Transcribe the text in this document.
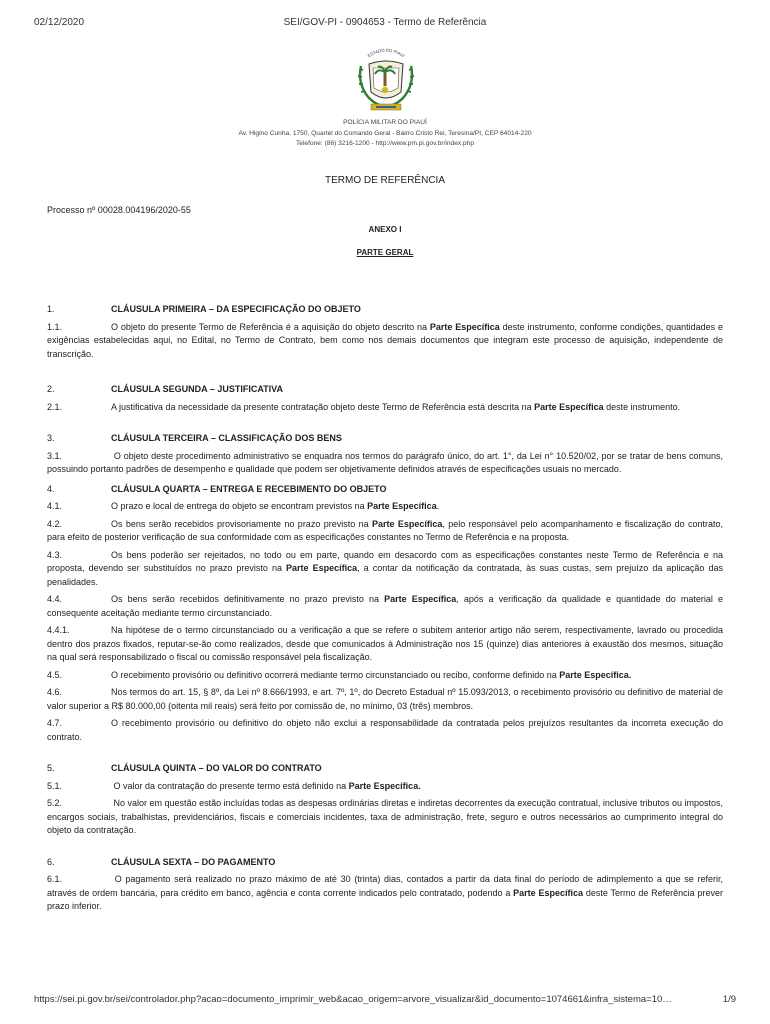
02/12/2020	SEI/GOV-PI - 0904653 - Termo de Referência
ESTADO DO PIAUÍ
POLÍCIA MILITAR DO PIAUÍ
Av. Higino Cunha, 1750, Quartel do Comando Geral - Bairro Cristo Rei, Teresina/PI, CEP 64014-220
Telefone: (86) 3216-1200 - http://www.pm.pi.gov.br/index.php
TERMO DE REFERÊNCIA

Processo nº 00028.004196/2020-55

ANEXO I

PARTE GERAL

1.	CLÁUSULA PRIMEIRA – DA ESPECIFICAÇÃO DO OBJETO

1.1.	O objeto do presente Termo de Referência é a aquisição do objeto descrito na Parte Específica deste instrumento, conforme condições, quantidades e exigências estabelecidas aqui, no Edital, no Termo de Contrato, bem como nos demais documentos que integram este processo de aquisição, independente de transcrição.

2.	CLÁUSULA SEGUNDA – JUSTIFICATIVA

2.1.	A justificativa da necessidade da presente contratação objeto deste Termo de Referência está descrita na Parte Específica deste instrumento.

3.	CLÁUSULA TERCEIRA – CLASSIFICAÇÃO DOS BENS

3.1.	O objeto deste procedimento administrativo se enquadra nos termos do parágrafo único, do art. 1°, da Lei n° 10.520/02, por se tratar de bens comuns, possuindo portanto padrões de desempenho e qualidade que podem ser objetivamente definidos através de especificações usuais no mercado.

4.	CLÁUSULA QUARTA – ENTREGA E RECEBIMENTO DO OBJETO

4.1.	O prazo e local de entrega do objeto se encontram previstos na Parte Específica.

4.2.	Os bens serão recebidos provisoriamente no prazo previsto na Parte Específica, pelo responsável pelo acompanhamento e fiscalização do contrato, para efeito de posterior verificação de sua conformidade com as especificações constantes no Termo de Referência e na proposta.

4.3.	Os bens poderão ser rejeitados, no todo ou em parte, quando em desacordo com as especificações constantes neste Termo de Referência e na proposta, devendo ser substituídos no prazo previsto na Parte Específica, a contar da notificação da contratada, às suas custas, sem prejuízo da aplicação das penalidades.

4.4.	Os bens serão recebidos definitivamente no prazo previsto na Parte Específica, após a verificação da qualidade e quantidade do material e consequente aceitação mediante termo circunstanciado.

4.4.1.	Na hipótese de o termo circunstanciado ou a verificação a que se refere o subitem anterior artigo não serem, respectivamente, lavrado ou procedida dentro dos prazos fixados, reputar-se-ão como realizados, desde que comunicados à Administração nos 15 (quinze) dias anteriores à exaustão dos mesmos, situação na qual será responsabilizado o fiscal ou comissão responsável pela fiscalização.

4.5.	O recebimento provisório ou definitivo ocorrerá mediante termo circunstanciado ou recibo, conforme definido na Parte Específica.

4.6.	Nos termos do art. 15, § 8º, da Lei nº 8.666/1993, e art. 7º, 1º, do Decreto Estadual nº 15.093/2013, o recebimento provisório ou definitivo de material de valor superior a R$ 80.000,00 (oitenta mil reais) será feito por comissão de, no mínimo, 03 (três) membros.

4.7.	O recebimento provisório ou definitivo do objeto não exclui a responsabilidade da contratada pelos prejuízos resultantes da incorreta execução do contrato.

5.	CLÁUSULA QUINTA – DO VALOR DO CONTRATO

5.1.	O valor da contratação do presente termo está definido na Parte Específica.

5.2.	No valor em questão estão incluídas todas as despesas ordinárias diretas e indiretas decorrentes da execução contratual, inclusive tributos ou impostos, encargos sociais, trabalhistas, previdenciários, fiscais e comerciais incidentes, taxa de administração, frete, seguro e outros necessários ao cumprimento integral do objeto da contratação.

6.	CLÁUSULA SEXTA – DO PAGAMENTO

6.1.	O pagamento será realizado no prazo máximo de até 30 (trinta) dias, contados a partir da data final do período de adimplemento a que se referir, através de ordem bancária, para crédito em banco, agência e conta corrente indicados pelo contratado, podendo a Parte Específica deste Termo de Referência prever prazo inferior.

https://sei.pi.gov.br/sei/controlador.php?acao=documento_imprimir_web&acao_origem=arvore_visualizar&id_documento=1074661&infra_sistema=10…	1/9
